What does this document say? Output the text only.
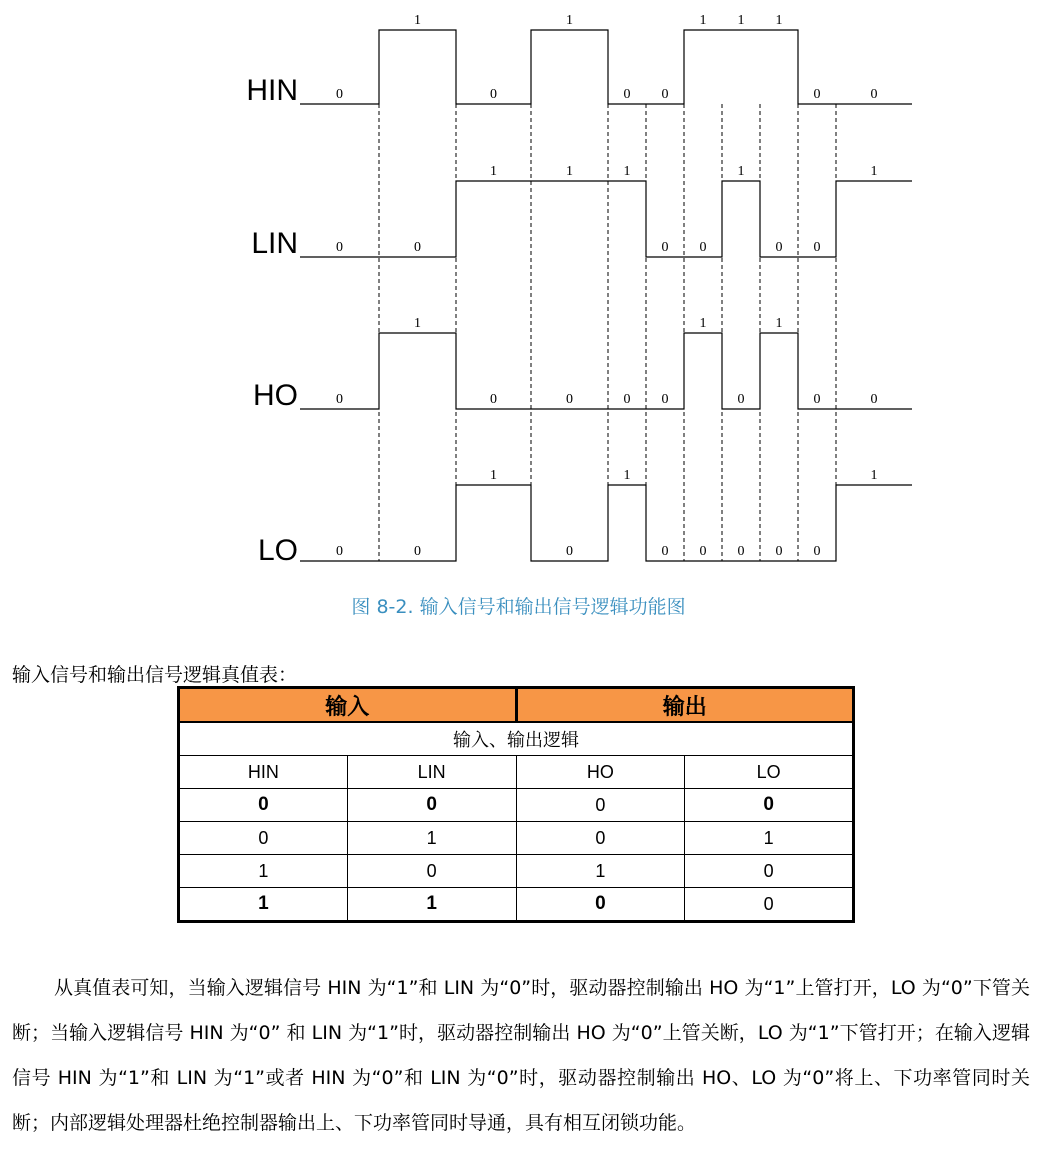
HIN	0
1
0
1
0 0
1 1 1
0	0
LIN	0	0
1	1	1
0 0
1
0 0
1
HO	0
1
0	0	0 0
1
0
1
0	0
LO	0	0
1
0
1
0 0 0 0 0
1
图 8-2. 输入信号和输出信号逻辑功能图
输入信号和输出信号逻辑真值表：
输入		输出	
输入、输出逻辑			
HIN	LIN	HO	LO
0	0	0	0
0	1	0	1
1	0	1	0
1	1	0	0
从真值表可知，当输入逻辑信号 HIN 为“1”和 LIN 为“0”时，驱动器控制输出 HO 为“1”上管打开，LO 为“0”下管关断；当输入逻辑信号 HIN 为“0” 和 LIN 为“1”时，驱动器控制输出 HO 为“0”上管关断，LO 为“1”下管打开；在输入逻辑信号 HIN 为“1”和 LIN 为“1”或者 HIN 为“0”和 LIN 为“0”时，驱动器控制输出 HO、LO 为“0”将上、下功率管同时关断；内部逻辑处理器杜绝控制器输出上、下功率管同时导通，具有相互闭锁功能。
